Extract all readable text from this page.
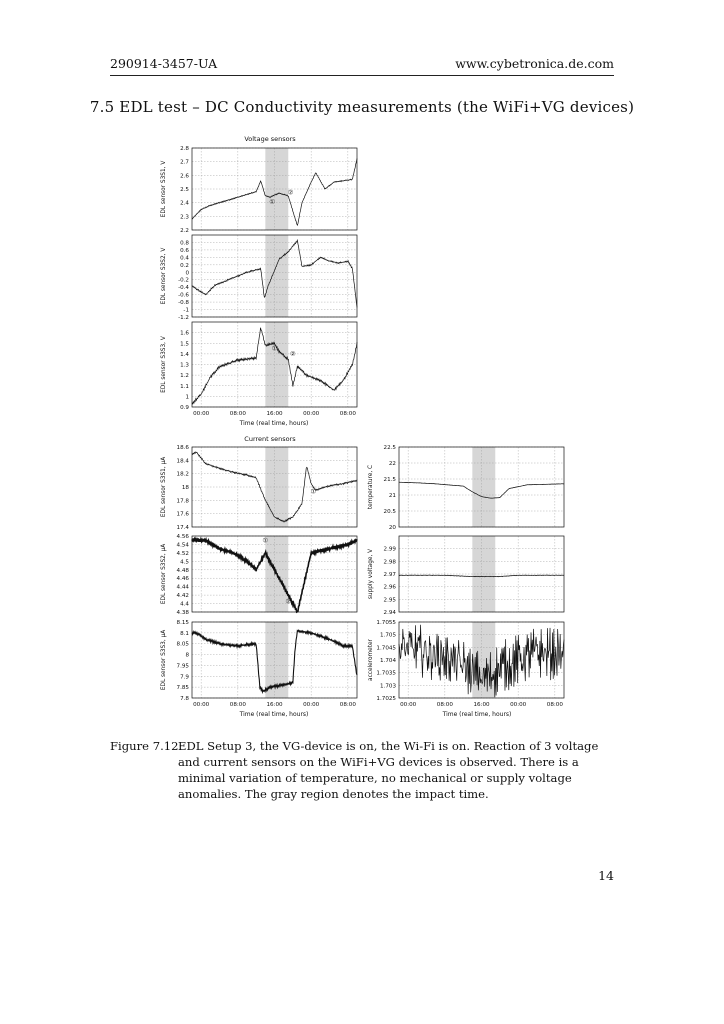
290914-3457-UA	www.cybetronica.de.com
7.5 EDL test – DC Conductivity measurements (the WiFi+VG devices)
Voltage sensors
Current sensors
Time (real time, hours)
Time (real time, hours)	Time (real time, hours)
2.8
2.7
2.6
2.5
2.4
2.3
2.2
EDL sensor S3S1, V	①
②
0.8
0.6
0.4
0.2
0
-0.2
-0.4
-0.6
-0.8
-1
-1.2
EDL sensor S3S2, V
1.6
1.5
1.4
1.3
1.2
1.1
1
0.9
00:00	08:00	16:00	00:00	08:00
EDL sensor S3S3, V	①
②
18.6
18.4
18.2
18
17.8
17.6
17.4
EDL sensor S3S1, μA	①
22.5
22
21.5
21
20.5
20
temperature, C
4.56
4.54
4.52
4.5
4.48
4.46
4.44
4.42
4.4
4.38
EDL sensor S3S2, μA
①
②
2.99
2.98
2.97
2.96
2.95
2.94
supply voltage, V
8.15
8.1
8.05
8
7.95
7.9
7.85
7.8
00:00	08:00	16:00	00:00	08:00
EDL sensor S3S3, μA
1.7055
1.705
1.7045
1.704
1.7035
1.703
1.7025
00:00	08:00	16:00	00:00	08:00
accelerometer
Figure 7.12:
EDL Setup 3, the VG-device is on, the Wi-Fi is on. Reaction of 3 voltage and current sensors on the WiFi+VG devices is observed. There is a minimal variation of temperature, no mechanical or supply voltage anomalies. The gray region denotes the impact time.
14
